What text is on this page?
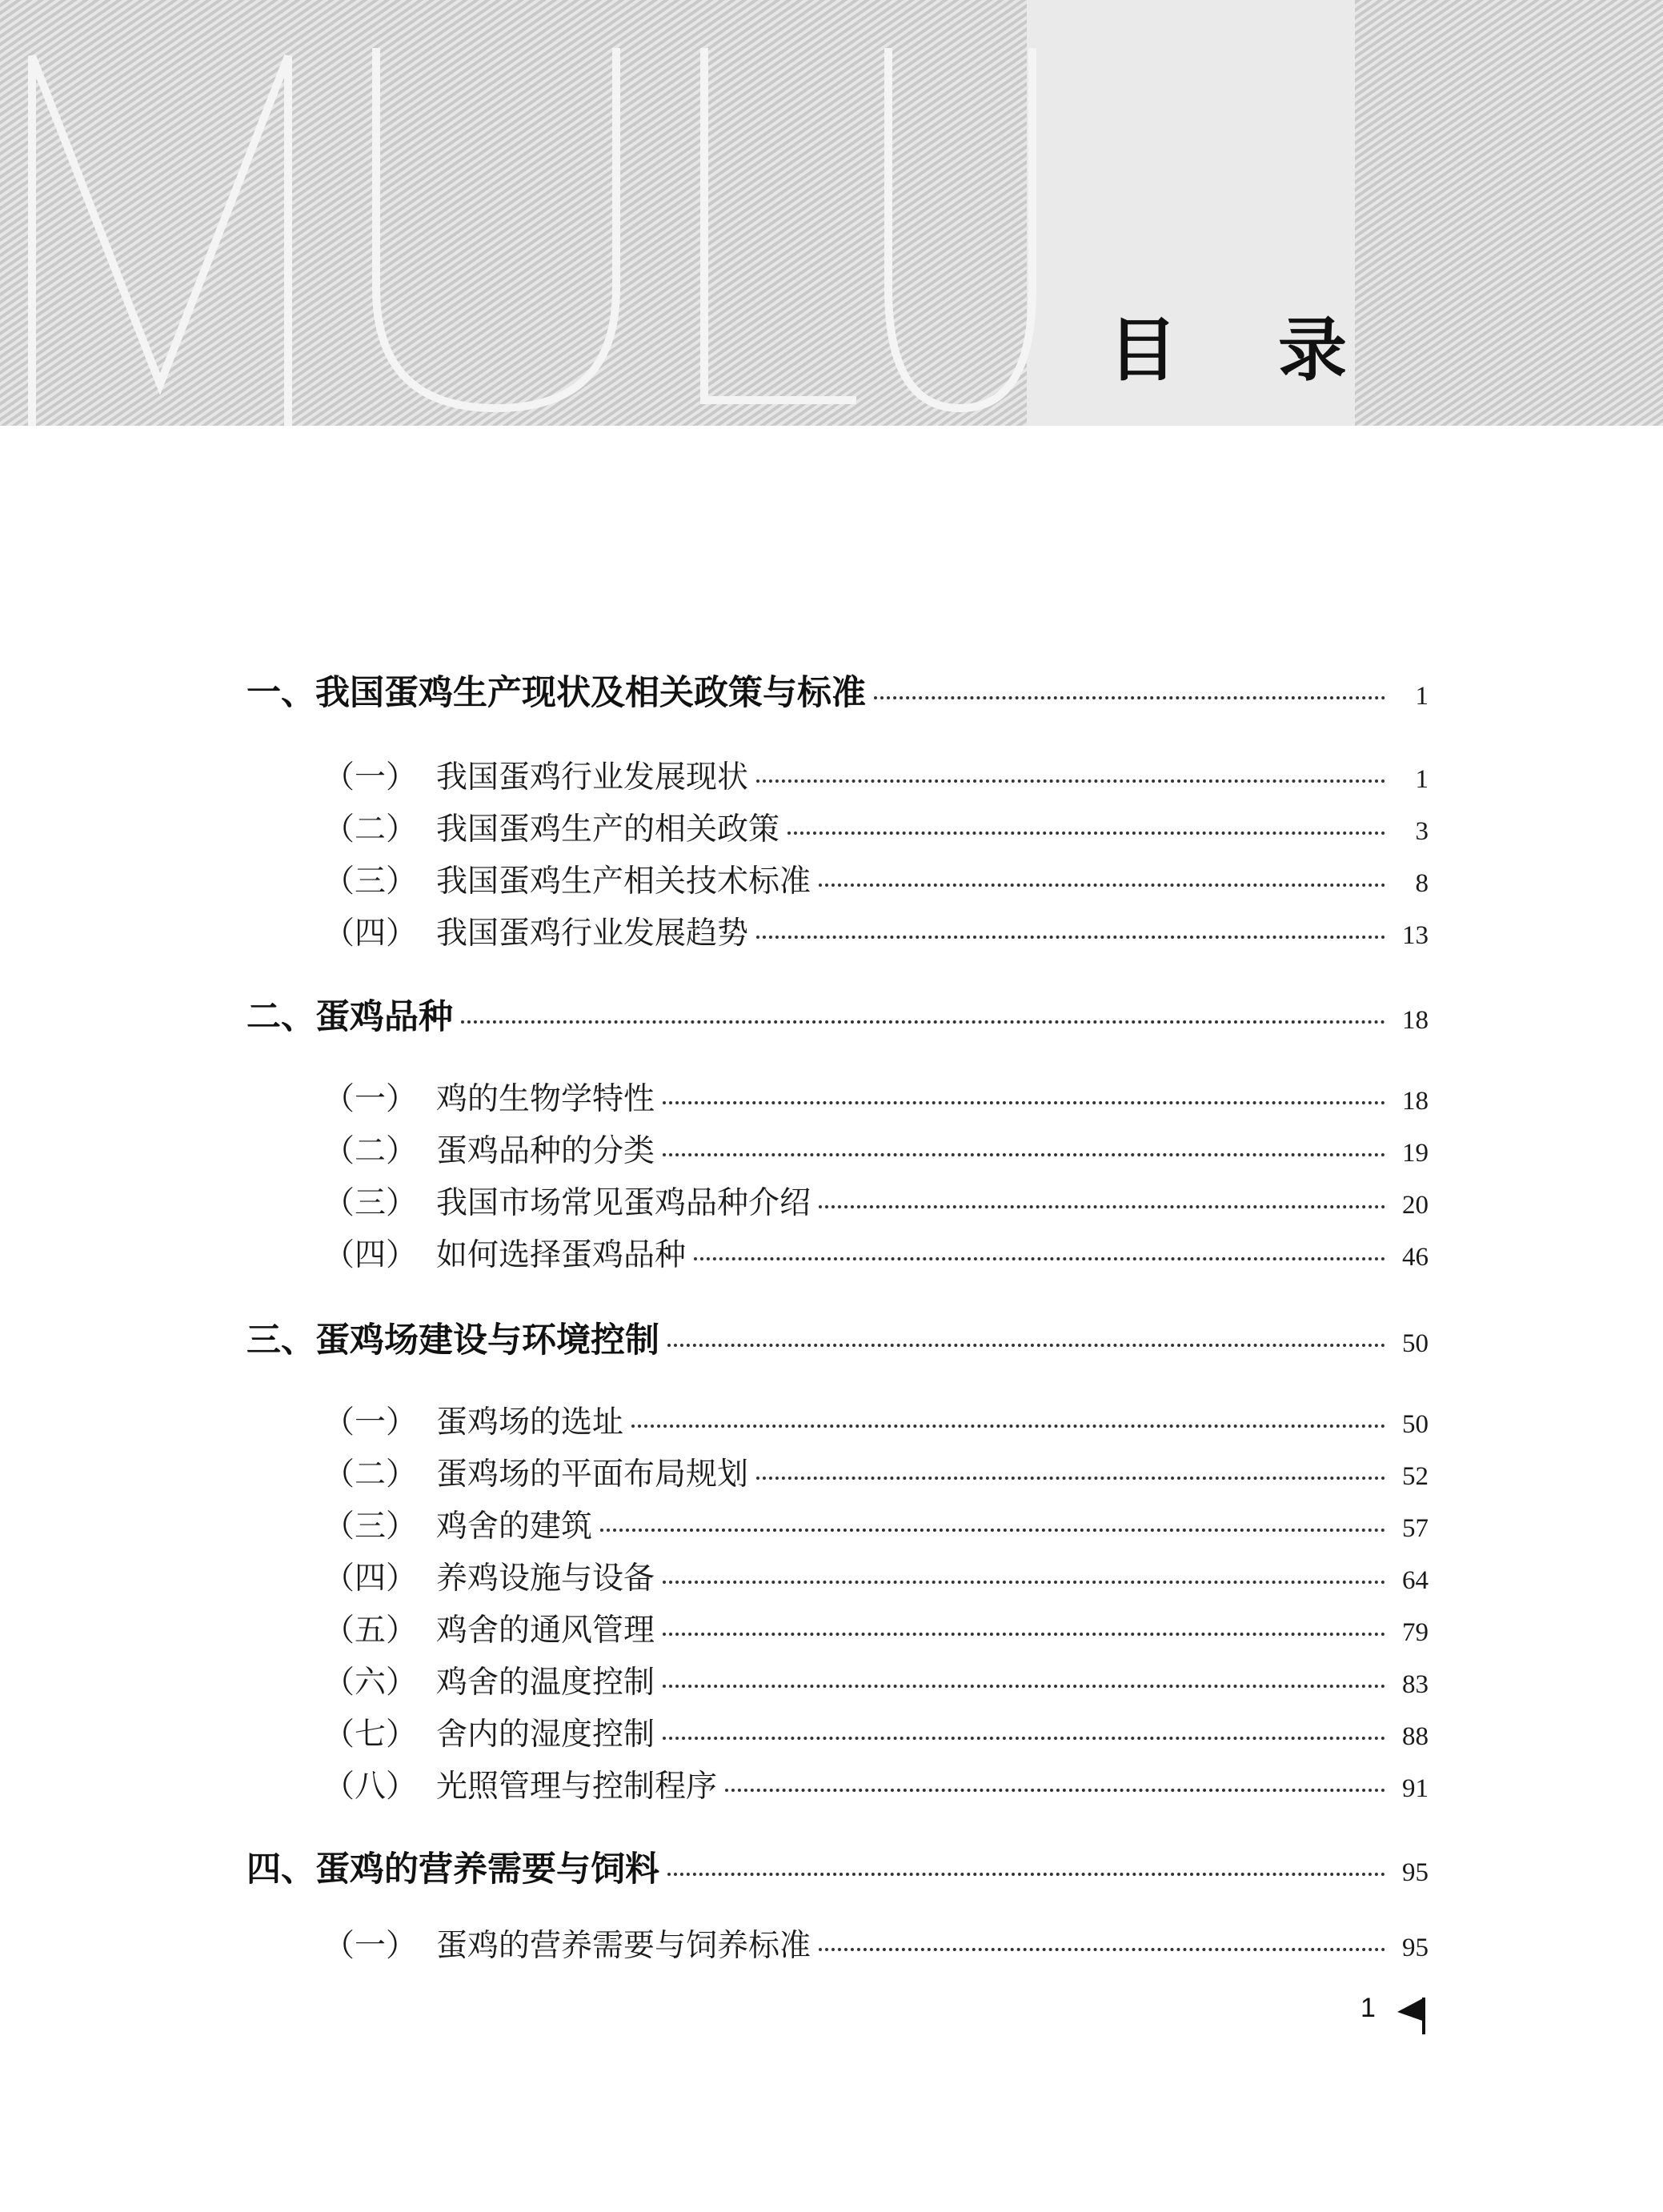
目 录
一、我国蛋鸡生产现状及相关政策与标准	1
（一） 我国蛋鸡行业发展现状	1
（二） 我国蛋鸡生产的相关政策	3
（三） 我国蛋鸡生产相关技术标准	8
（四） 我国蛋鸡行业发展趋势	13
二、蛋鸡品种	18
（一） 鸡的生物学特性	18
（二） 蛋鸡品种的分类	19
（三） 我国市场常见蛋鸡品种介绍	20
（四） 如何选择蛋鸡品种	46
三、蛋鸡场建设与环境控制	50
（一） 蛋鸡场的选址	50
（二） 蛋鸡场的平面布局规划	52
（三） 鸡舍的建筑	57
（四） 养鸡设施与设备	64
（五） 鸡舍的通风管理	79
（六） 鸡舍的温度控制	83
（七） 舍内的湿度控制	88
（八） 光照管理与控制程序	91
四、蛋鸡的营养需要与饲料	95
（一） 蛋鸡的营养需要与饲养标准	95
1
